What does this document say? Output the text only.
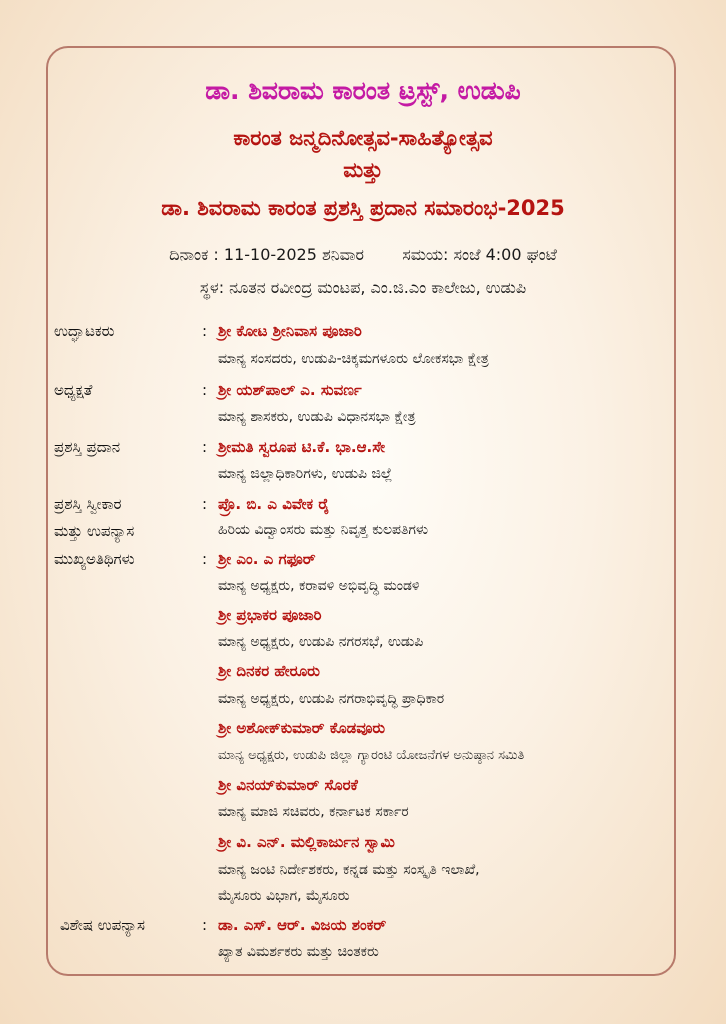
ಡಾ. ಶಿವರಾಮ ಕಾರಂತ ಟ್ರಸ್ಟ್, ಉಡುಪಿ
ಕಾರಂತ ಜನ್ಮದಿನೋತ್ಸವ-ಸಾಹಿತ್ಯೋತ್ಸವ
ಮತ್ತು
ಡಾ. ಶಿವರಾಮ ಕಾರಂತ ಪ್ರಶಸ್ತಿ ಪ್ರದಾನ ಸಮಾರಂಭ-2025
ದಿನಾಂಕ : 11-10-2025 ಶನಿವಾರ ಸಮಯ: ಸಂಜೆ 4:00 ಘಂಟೆ
ಸ್ಥಳ: ನೂತನ ರವೀಂದ್ರ ಮಂಟಪ, ಎಂ.ಜಿ.ಎಂ ಕಾಲೇಜು, ಉಡುಪಿ
ಉದ್ಘಾಟಕರು	: ಶ್ರೀ ಕೋಟ ಶ್ರೀನಿವಾಸ ಪೂಜಾರಿ
ಮಾನ್ಯ ಸಂಸದರು, ಉಡುಪಿ-ಚಿಕ್ಕಮಗಳೂರು ಲೋಕಸಭಾ ಕ್ಷೇತ್ರ
ಅಧ್ಯಕ್ಷತೆ	: ಶ್ರೀ ಯಶ್‌ಪಾಲ್ ಎ. ಸುವರ್ಣ
ಮಾನ್ಯ ಶಾಸಕರು, ಉಡುಪಿ ವಿಧಾನಸಭಾ ಕ್ಷೇತ್ರ
ಪ್ರಶಸ್ತಿ ಪ್ರದಾನ	: ಶ್ರೀಮತಿ ಸ್ವರೂಪ ಟಿ.ಕೆ. ಭಾ.ಆ.ಸೇ
ಮಾನ್ಯ ಜಿಲ್ಲಾಧಿಕಾರಿಗಳು, ಉಡುಪಿ ಜಿಲ್ಲೆ
ಪ್ರಶಸ್ತಿ ಸ್ವೀಕಾರ	: ಪ್ರೊ. ಬಿ. ಎ ವಿವೇಕ ರೈ
ಮತ್ತು ಉಪನ್ಯಾಸ	ಹಿರಿಯ ವಿದ್ವಾಂಸರು ಮತ್ತು ನಿವೃತ್ತ ಕುಲಪತಿಗಳು
ಮುಖ್ಯಅತಿಥಿಗಳು	: ಶ್ರೀ ಎಂ. ಎ ಗಫೂರ್
ಮಾನ್ಯ ಅಧ್ಯಕ್ಷರು, ಕರಾವಳಿ ಅಭಿವೃದ್ಧಿ ಮಂಡಳಿ
ಶ್ರೀ ಪ್ರಭಾಕರ ಪೂಜಾರಿ
ಮಾನ್ಯ ಅಧ್ಯಕ್ಷರು, ಉಡುಪಿ ನಗರಸಭೆ, ಉಡುಪಿ
ಶ್ರೀ ದಿನಕರ ಹೇರೂರು
ಮಾನ್ಯ ಅಧ್ಯಕ್ಷರು, ಉಡುಪಿ ನಗರಾಭಿವೃದ್ಧಿ ಪ್ರಾಧಿಕಾರ
ಶ್ರೀ ಅಶೋಕ್‌ಕುಮಾರ್ ಕೊಡವೂರು
ಮಾನ್ಯ ಅಧ್ಯಕ್ಷರು, ಉಡುಪಿ ಜಿಲ್ಲಾ ಗ್ಯಾರಂಟಿ ಯೋಜನೆಗಳ ಅನುಷ್ಠಾನ ಸಮಿತಿ
ಶ್ರೀ ವಿನಯ್‌ಕುಮಾರ್ ಸೊರಕೆ
ಮಾನ್ಯ ಮಾಜಿ ಸಚಿವರು, ಕರ್ನಾಟಕ ಸರ್ಕಾರ
ಶ್ರೀ ವಿ. ಎನ್. ಮಲ್ಲಿಕಾರ್ಜುನ ಸ್ವಾಮಿ
ಮಾನ್ಯ ಜಂಟಿ ನಿರ್ದೇಶಕರು, ಕನ್ನಡ ಮತ್ತು ಸಂಸ್ಕೃತಿ ಇಲಾಖೆ,
ಮೈಸೂರು ವಿಭಾಗ, ಮೈಸೂರು
ವಿಶೇಷ ಉಪನ್ಯಾಸ	: ಡಾ. ಎಸ್. ಆರ್. ವಿಜಯ ಶಂಕರ್
ಖ್ಯಾತ ವಿಮರ್ಶಕರು ಮತ್ತು ಚಿಂತಕರು
